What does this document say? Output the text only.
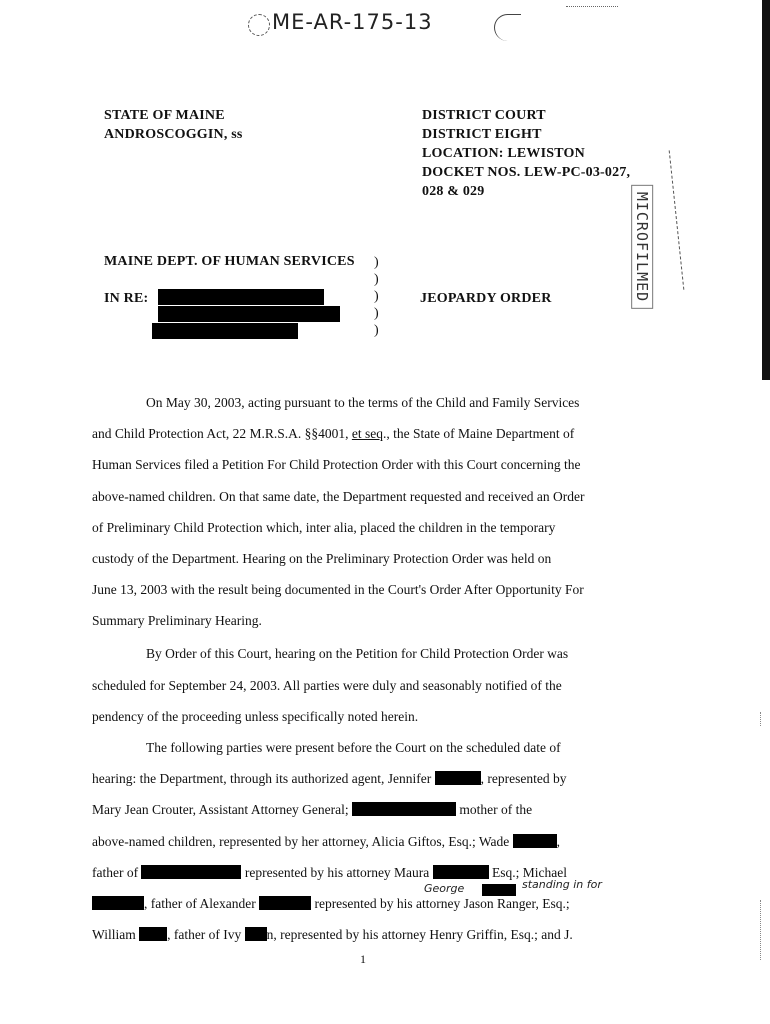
ME-AR-175-13
STATE OF MAINE
ANDROSCOGGIN, ss
DISTRICT COURT
DISTRICT EIGHT
LOCATION: LEWISTON
DOCKET NOS. LEW-PC-03-027,
028 & 029
MICROFILMED
MAINE DEPT. OF HUMAN SERVICES
IN RE:
)
)
)
)
)
JEOPARDY ORDER
On May 30, 2003, acting pursuant to the terms of the Child and Family Services
and Child Protection Act, 22 M.R.S.A. §§4001, et seq., the State of Maine Department of
Human Services filed a Petition For Child Protection Order with this Court concerning the
above-named children. On that same date, the Department requested and received an Order
of Preliminary Child Protection which, inter alia, placed the children in the temporary
custody of the Department. Hearing on the Preliminary Protection Order was held on
June 13, 2003 with the result being documented in the Court's Order After Opportunity For
Summary Preliminary Hearing.
By Order of this Court, hearing on the Petition for Child Protection Order was
scheduled for September 24, 2003. All parties were duly and seasonably notified of the
pendency of the proceeding unless specifically noted herein.
The following parties were present before the Court on the scheduled date of
hearing: the Department, through its authorized agent, Jennifer	, represented by
Mary Jean Crouter, Assistant Attorney General;	mother of the
above-named children, represented by her attorney, Alicia Giftos, Esq.; Wade	,
father of	represented by his attorney Maura	Esq.; Michael
George	standing in for
, father of Alexander	represented by his attorney Jason Ranger, Esq.;
William , father of Ivy n, represented by his attorney Henry Griffin, Esq.; and J.
1
